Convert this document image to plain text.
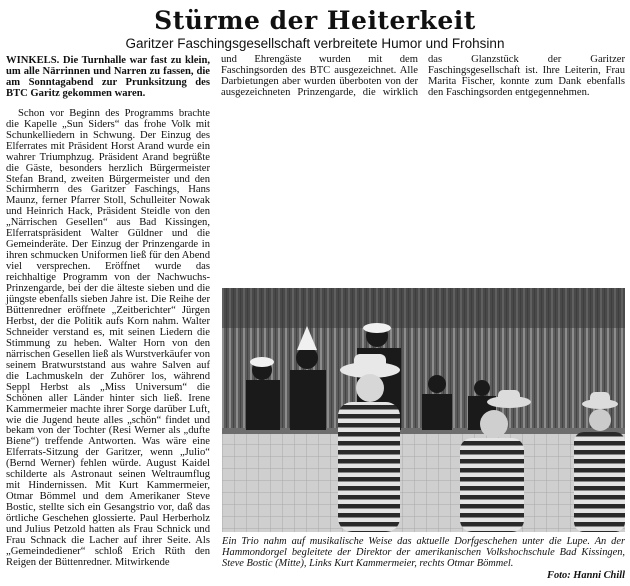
Stürme der Heiterkeit
Garitzer Faschingsgesellschaft verbreitete Humor und Frohsinn

WINKELS. Die Turnhalle war fast zu klein, um alle Närrinnen und Narren zu fassen, die am Sonntagabend zur Prunksitzung des BTC Garitz gekommen waren.

Schon vor Beginn des Programms brachte die Kapelle „Sun Siders“ das frohe Volk mit Schunkelliedern in Schwung. Der Einzug des Elferrates mit Präsident Horst Arand wurde ein wahrer Triumphzug. Präsident Arand begrüßte die Gäste, besonders herzlich Bürgermeister Stefan Brand, zweiten Bürgermeister und den Schirmherrn des Garitzer Faschings, Hans Maunz, ferner Pfarrer Stoll, Schulleiter Nowak und Heinrich Hack, Präsident Steidle von den „Närrischen Gesellen“ aus Bad Kissingen, Elferratspräsident Walter Güldner und die Gemeinderäte. Der Einzug der Prinzengarde in ihren schmucken Uniformen ließ für den Abend viel versprechen. Eröffnet wurde das reichhaltige Programm von der Nachwuchs-Prinzengarde, bei der die älteste sieben und die jüngste ebenfalls sieben Jahre ist. Die Reihe der Büttenredner eröffnete „Zeitberichter“ Jürgen Herbst, der die Politik aufs Korn nahm. Walter Schneider verstand es, mit seinen Liedern die Stimmung zu heben. Walter Horn von den närrischen Gesellen ließ als Wurstverkäufer von seinem Bratwurststand aus wahre Salven auf die Lachmuskeln der Zuhörer los, während Seppl Herbst als „Miss Universum“ die Schönen aller Länder hinter sich ließ. Irene Kammermeier machte ihrer Sorge darüber Luft, wie die Jugend heute alles „schön“ findet und bekam von der Tochter (Resi Werner als „dufte Biene“) treffende Antworten. Was wäre eine Elferrats-Sitzung der Garitzer, wenn „Julio“ (Bernd Werner) fehlen würde. August Kaidel schilderte als Astronaut seinen Weltraumflug mit Hindernissen. Mit Kurt Kammermeier, Otmar Bömmel und dem Amerikaner Steve Bostic, stellte sich ein Gesangstrio vor, daß das örtliche Geschehen glossierte. Paul Herberholz und Julius Petzold hatten als Frau Schnick und Frau Schnack die Lacher auf ihrer Seite. Als „Gemeindediener“ schloß Erich Rüth den Reigen der Büttenredner. Mitwirkende

und Ehrengäste wurden mit dem Faschingsorden des BTC ausgezeichnet. Alle Darbietungen aber wurden überboten von der ausgezeichneten Prinzengarde, die wirklich das Glanzstück der Garitzer Faschingsgesellschaft ist. Ihre Leiterin, Frau Marita Fischer, konnte zum Dank ebenfalls den Faschingsorden entgegennehmen.

Ein Trio nahm auf musikalische Weise das aktuelle Dorfgeschehen unter die Lupe. An der Hammondorgel begleitete der Direktor der amerikanischen Volkshochschule Bad Kissingen, Steve Bostic (Mitte), Links Kurt Kammermeier, rechts Otmar Bömmel.
Foto: Hanni Chill
